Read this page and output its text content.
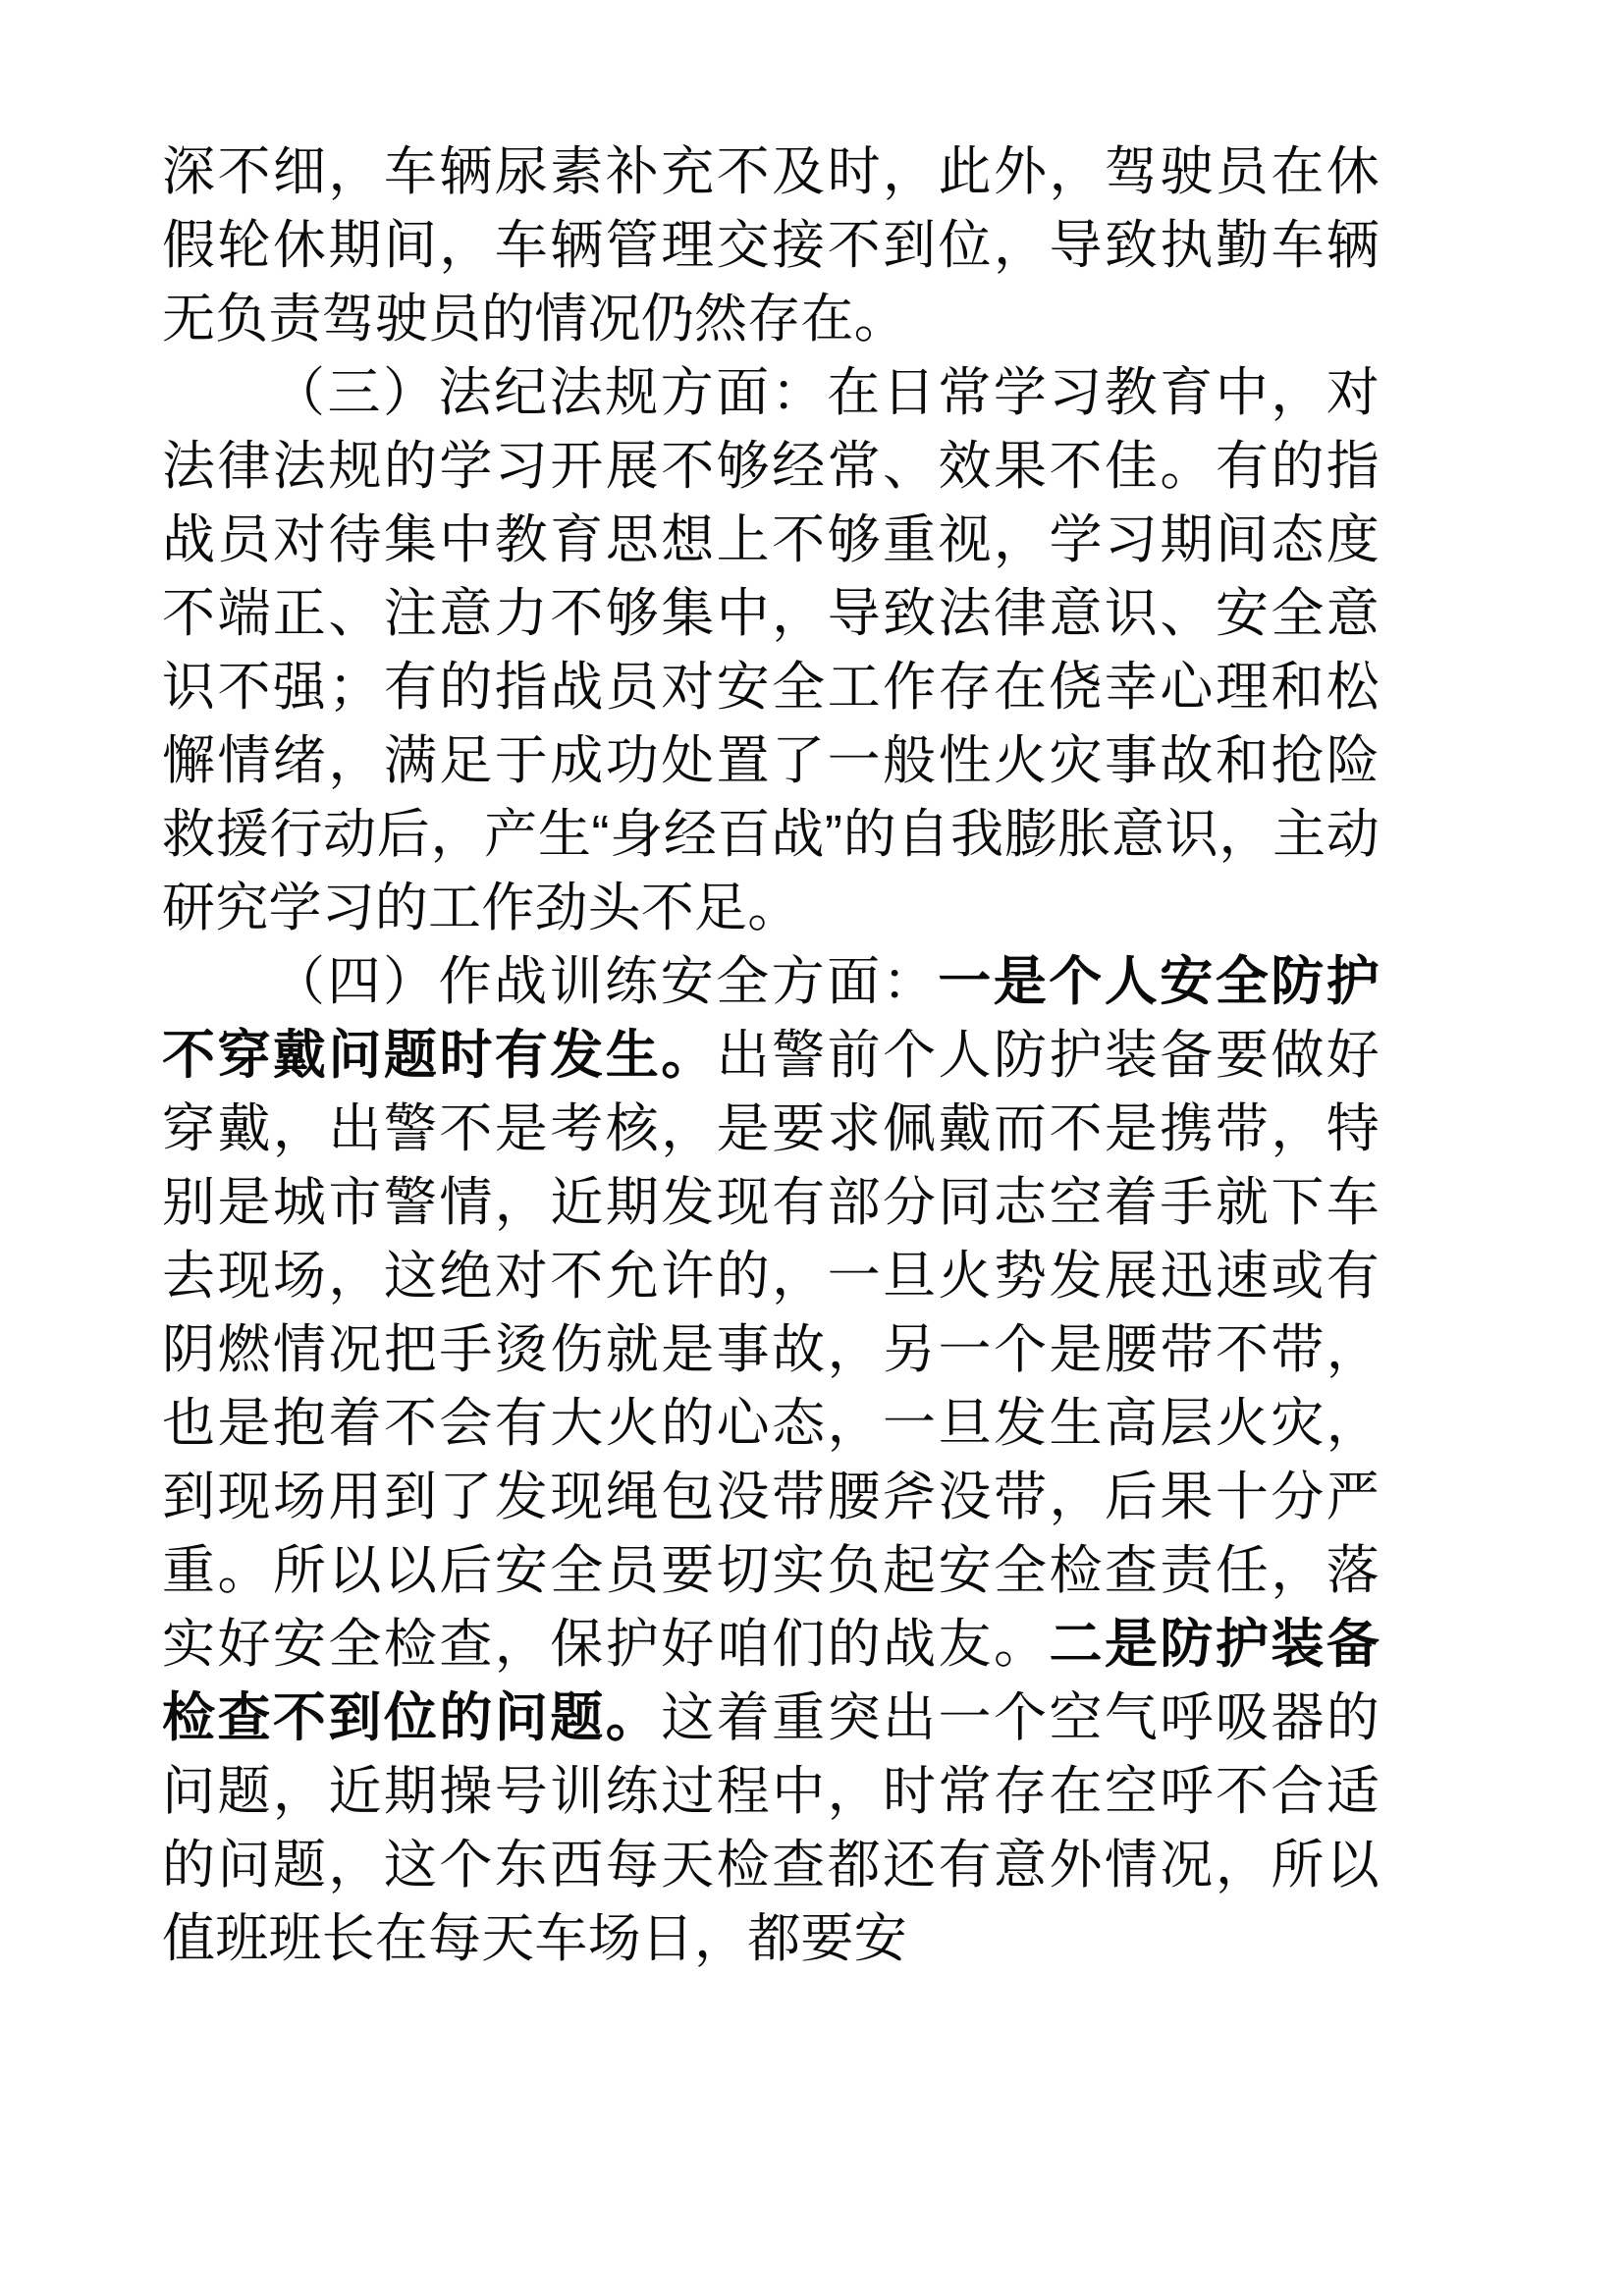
深不细，车辆尿素补充不及时，此外，驾驶员在休假轮休期间，车辆管理交接不到位，导致执勤车辆无负责驾驶员的情况仍然存在。

（三）法纪法规方面：在日常学习教育中，对法律法规的学习开展不够经常、效果不佳。有的指战员对待集中教育思想上不够重视，学习期间态度不端正、注意力不够集中，导致法律意识、安全意识不强；有的指战员对安全工作存在侥幸心理和松懈情绪，满足于成功处置了一般性火灾事故和抢险救援行动后，产生“身经百战”的自我膨胀意识，主动研究学习的工作劲头不足。

（四）作战训练安全方面：一是个人安全防护不穿戴问题时有发生。出警前个人防护装备要做好穿戴，出警不是考核，是要求佩戴而不是携带，特别是城市警情，近期发现有部分同志空着手就下车去现场，这绝对不允许的，一旦火势发展迅速或有阴燃情况把手烫伤就是事故，另一个是腰带不带，也是抱着不会有大火的心态，一旦发生高层火灾，到现场用到了发现绳包没带腰斧没带，后果十分严重。所以以后安全员要切实负起安全检查责任，落实好安全检查，保护好咱们的战友。二是防护装备检查不到位的问题。这着重突出一个空气呼吸器的问题，近期操号训练过程中，时常存在空呼不合适的问题，这个东西每天检查都还有意外情况，所以值班班长在每天车场日，都要安
